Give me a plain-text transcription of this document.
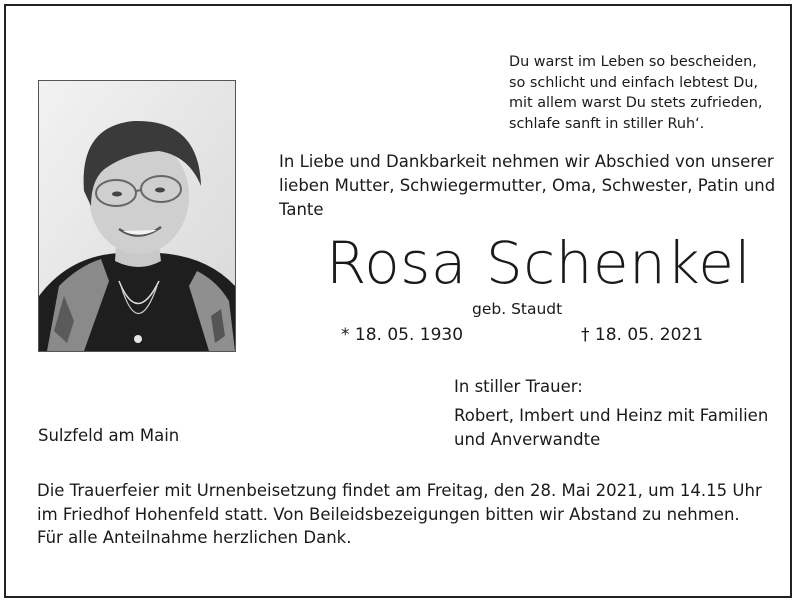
Du warst im Leben so bescheiden,
so schlicht und einfach lebtest Du,
mit allem warst Du stets zufrieden,
schlafe sanft in stiller Ruh‘.
In Liebe und Dankbarkeit nehmen wir Abschied von unserer
lieben Mutter, Schwiegermutter, Oma, Schwester, Patin und
Tante
Rosa Schenkel
geb. Staudt
* 18. 05. 1930	† 18. 05. 2021
In stiller Trauer:
Robert, Imbert und Heinz mit Familien
und Anverwandte
Sulzfeld am Main
Die Trauerfeier mit Urnenbeisetzung findet am Freitag, den 28. Mai 2021, um 14.15 Uhr
im Friedhof Hohenfeld statt. Von Beileidsbezeigungen bitten wir Abstand zu nehmen.
Für alle Anteilnahme herzlichen Dank.
